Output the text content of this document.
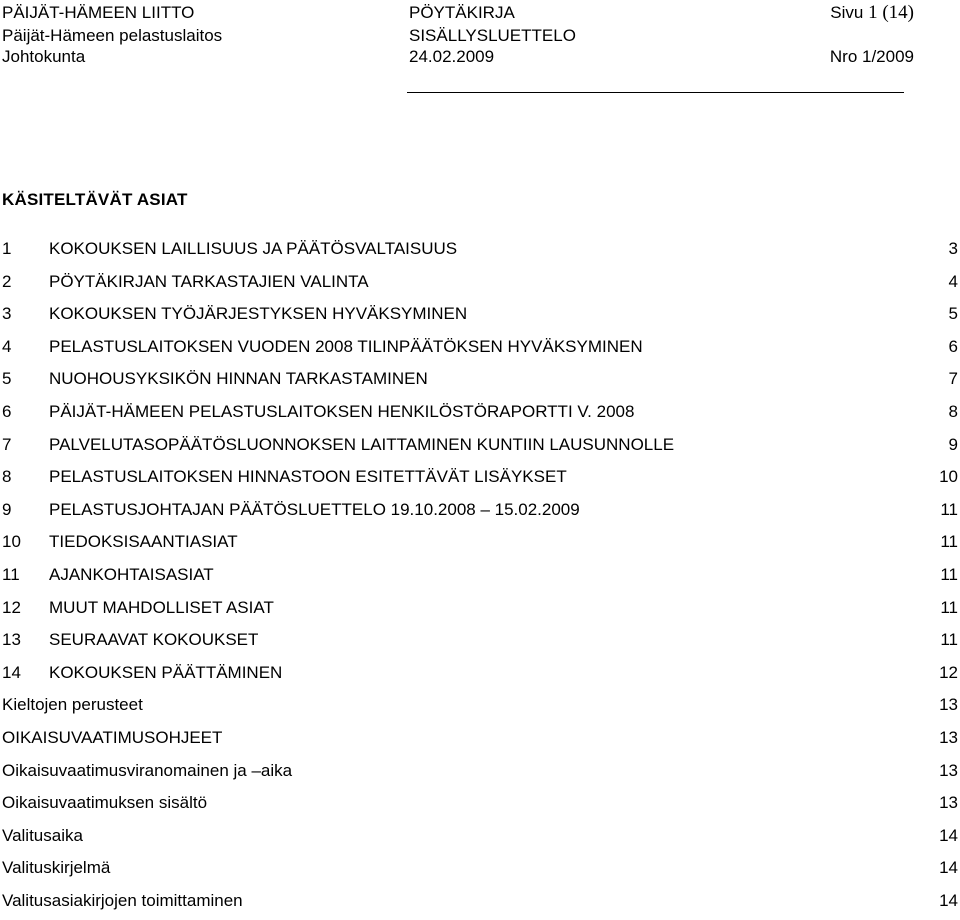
PÄIJÄT-HÄMEEN LIITTO	PÖYTÄKIRJA	Sivu 1 (14)
Päijät-Hämeen pelastuslaitos	SISÄLLYSLUETTELO
Johtokunta	24.02.2009	Nro 1/2009
KÄSITELTÄVÄT ASIAT
1 KOKOUKSEN LAILLISUUS JA PÄÄTÖSVALTAISUUS	3
2 PÖYTÄKIRJAN TARKASTAJIEN VALINTA	4
3 KOKOUKSEN TYÖJÄRJESTYKSEN HYVÄKSYMINEN	5
4 PELASTUSLAITOKSEN VUODEN 2008 TILINPÄÄTÖKSEN HYVÄKSYMINEN	6
5 NUOHOUSYKSIKÖN HINNAN TARKASTAMINEN	7
6 PÄIJÄT-HÄMEEN PELASTUSLAITOKSEN HENKILÖSTÖRAPORTTI V. 2008	8
7 PALVELUTASOPÄÄTÖSLUONNOKSEN LAITTAMINEN KUNTIIN LAUSUNNOLLE	9
8 PELASTUSLAITOKSEN HINNASTOON ESITETTÄVÄT LISÄYKSET	10
9 PELASTUSJOHTAJAN PÄÄTÖSLUETTELO 19.10.2008 – 15.02.2009	11
10 TIEDOKSISAANTIASIAT	11
11 AJANKOHTAISASIAT	11
12 MUUT MAHDOLLISET ASIAT	11
13 SEURAAVAT KOKOUKSET	11
14 KOKOUKSEN PÄÄTTÄMINEN	12
Kieltojen perusteet	13
OIKAISUVAATIMUSOHJEET	13
Oikaisuvaatimusviranomainen ja –aika	13
Oikaisuvaatimuksen sisältö	13
Valitusaika	14
Valituskirjelmä	14
Valitusasiakirjojen toimittaminen	14
